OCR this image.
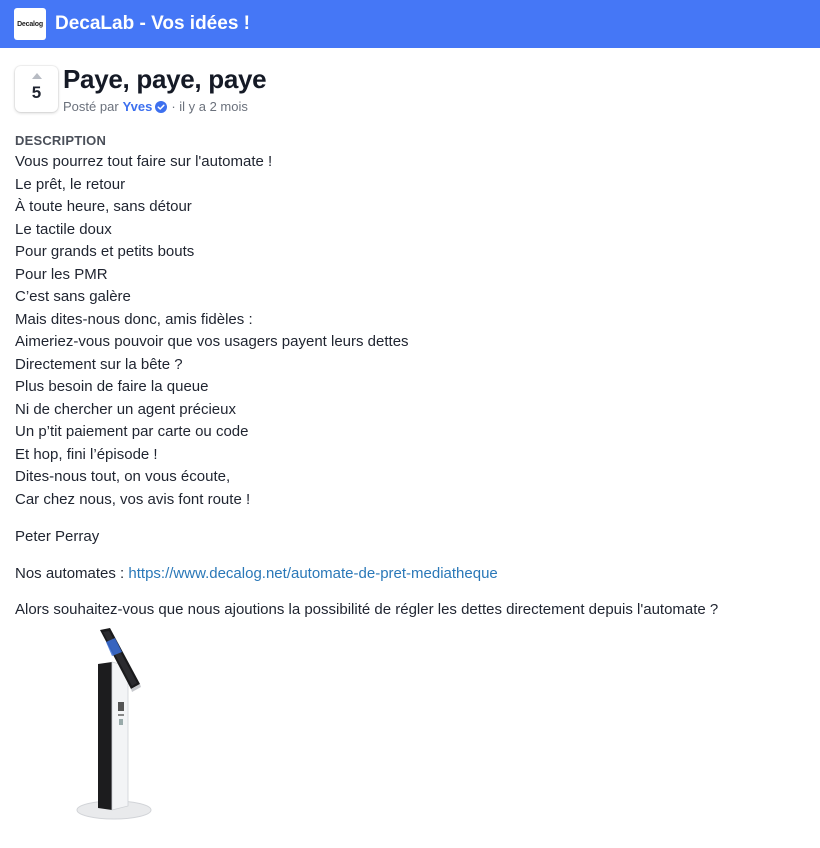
Decalog DecaLab - Vos idées !
5 Paye, paye, paye
Posté par Yves · il y a 2 mois
DESCRIPTION
Vous pourrez tout faire sur l'automate !
Le prêt, le retour
À toute heure, sans détour
Le tactile doux
Pour grands et petits bouts
Pour les PMR
C’est sans galère
Mais dites-nous donc, amis fidèles :
Aimeriez-vous pouvoir que vos usagers payent leurs dettes
Directement sur la bête ?
Plus besoin de faire la queue
Ni de chercher un agent précieux
Un p’tit paiement par carte ou code
Et hop, fini l’épisode !
Dites-nous tout, on vous écoute,
Car chez nous, vos avis font route !
Peter Perray
Nos automates : https://www.decalog.net/automate-de-pret-mediatheque
Alors souhaitez-vous que nous ajoutions la possibilité de régler les dettes directement depuis l'automate ?
